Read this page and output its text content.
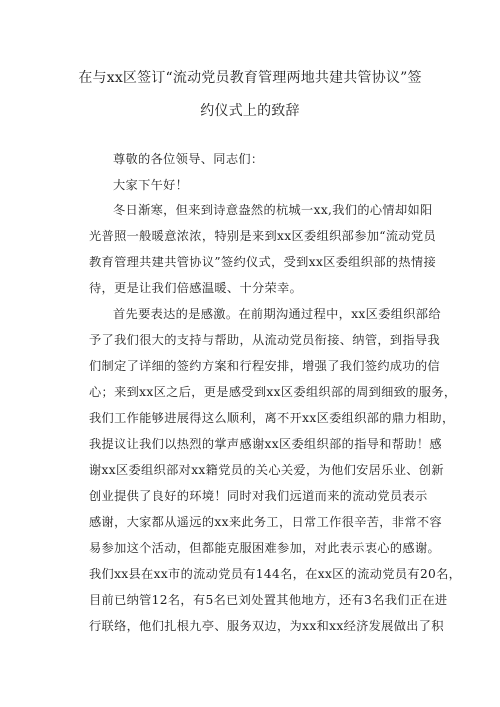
在与xx区签订“流动党员教育管理两地共建共管协议”签
约仪式上的致辞
尊敬的各位领导、同志们：
大家下午好！
冬日渐寒，但来到诗意盎然的杭城一xx,我们的心情却如阳
光普照一般暖意浓浓，特别是来到xx区委组织部参加“流动党员
教育管理共建共管协议”签约仪式，受到xx区委组织部的热情接
待，更是让我们倍感温暖、十分荣幸。
首先要表达的是感激。在前期沟通过程中，xx区委组织部给
予了我们很大的支持与帮助，从流动党员衔接、纳管，到指导我
们制定了详细的签约方案和行程安排，增强了我们签约成功的信
心；来到xx区之后，更是感受到xx区委组织部的周到细致的服务，
我们工作能够进展得这么顺利，离不开xx区委组织部的鼎力相助，
我提议让我们以热烈的掌声感谢xx区委组织部的指导和帮助！感
谢xx区委组织部对xx籍党员的关心关爱，为他们安居乐业、创新
创业提供了良好的环境！同时对我们远道而来的流动党员表示
感谢，大家都从遥远的xx来此务工，日常工作很辛苦，非常不容
易参加这个活动，但都能克服困难参加，对此表示衷心的感谢。
我们xx县在xx市的流动党员有144名，在xx区的流动党员有20名，
目前已纳管12名，有5名已刘处置其他地方，还有3名我们正在进
行联络，他们扎根九亭、服务双边，为xx和xx经济发展做出了积
